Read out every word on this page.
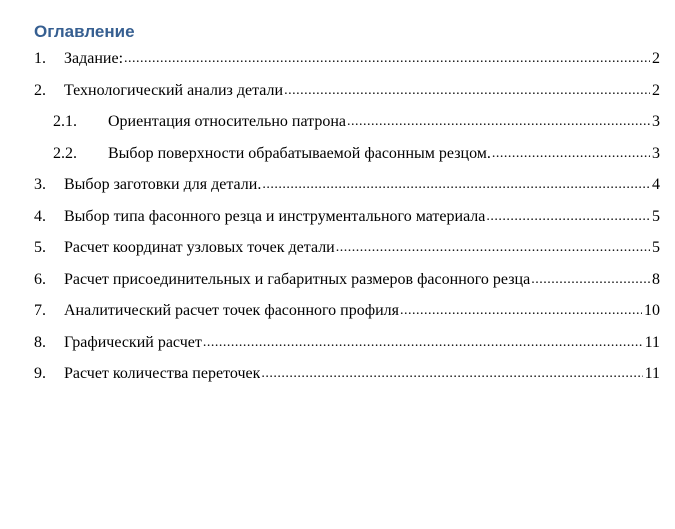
Оглавление
1.	Задание: .....	2
2.	Технологический анализ детали .....	2
2.1.	Ориентация относительно патрона .....	3
2.2.	Выбор поверхности обрабатываемой фасонным резцом. .....	3
3.	Выбор заготовки для детали. .....	4
4.	Выбор типа фасонного резца и инструментального материала .....	5
5.	Расчет координат узловых точек детали .....	5
6.	Расчет присоединительных и габаритных размеров фасонного резца .....	8
7.	Аналитический расчет точек фасонного профиля .....	10
8.	Графический расчет .....	11
9.	Расчет количества переточек .....	11
